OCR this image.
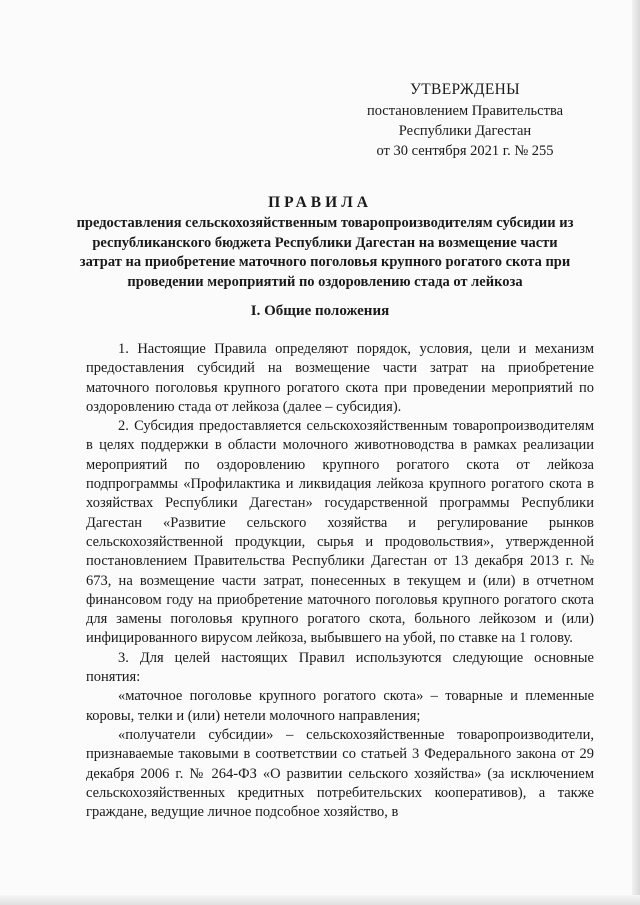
УТВЕРЖДЕНЫ
постановлением Правительства
Республики Дагестан
от 30 сентября 2021 г. № 255
ПРАВИЛА
предоставления сельскохозяйственным товаропроизводителям субсидии из республиканского бюджета Республики Дагестан на возмещение части затрат на приобретение маточного поголовья крупного рогатого скота при проведении мероприятий по оздоровлению стада от лейкоза
I. Общие положения

1. Настоящие Правила определяют порядок, условия, цели и механизм предоставления субсидий на возмещение части затрат на приобретение маточного поголовья крупного рогатого скота при проведении мероприятий по оздоровлению стада от лейкоза (далее – субсидия).

2. Субсидия предоставляется сельскохозяйственным товаропроизводителям в целях поддержки в области молочного животноводства в рамках реализации мероприятий по оздоровлению крупного рогатого скота от лейкоза подпрограммы «Профилактика и ликвидация лейкоза крупного рогатого скота в хозяйствах Республики Дагестан» государственной программы Республики Дагестан «Развитие сельского хозяйства и регулирование рынков сельскохозяйственной продукции, сырья и продовольствия», утвержденной постановлением Правительства Республики Дагестан от 13 декабря 2013 г. № 673, на возмещение части затрат, понесенных в текущем и (или) в отчетном финансовом году на приобретение маточного поголовья крупного рогатого скота для замены поголовья крупного рогатого скота, больного лейкозом и (или) инфицированного вирусом лейкоза, выбывшего на убой, по ставке на 1 голову.

3. Для целей настоящих Правил используются следующие основные понятия:

«маточное поголовье крупного рогатого скота» – товарные и племенные коровы, телки и (или) нетели молочного направления;

«получатели субсидии» – сельскохозяйственные товаропроизводители, признаваемые таковыми в соответствии со статьей 3 Федерального закона от 29 декабря 2006 г. № 264-ФЗ «О развитии сельского хозяйства» (за исключением сельскохозяйственных кредитных потребительских кооперативов), а также граждане, ведущие личное подсобное хозяйство, в
